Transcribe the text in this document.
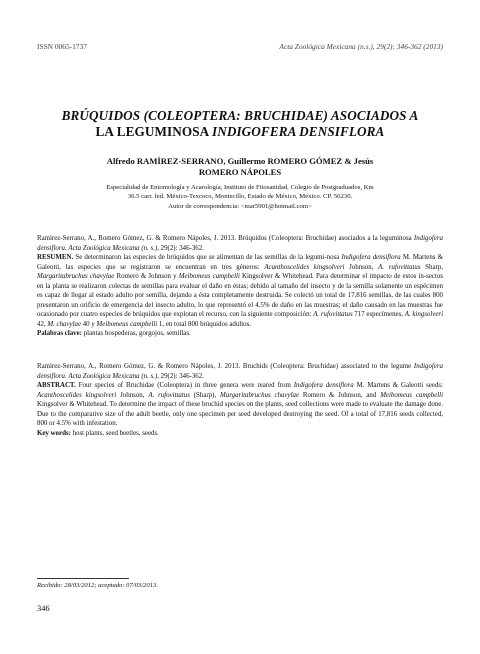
ISSN 0065-1737	Acta Zoológica Mexicana (n.s.), 29(2): 346-362 (2013)
BRÚQUIDOS (COLEOPTERA: BRUCHIDAE) ASOCIADOS A
LA LEGUMINOSA INDIGOFERA DENSIFLORA
Alfredo RAMÍREZ-SERRANO, Guillermo ROMERO GÓMEZ & Jesús
ROMERO NÁPOLES
Especialidad de Entomología y Acarología, Instituto de Fitosanidad, Colegio de Postgraduados, Km
36.5 carr. fed. México-Texcoco, Montecillo, Estado de México, México. CP. 56230.
Autor de correspondencia: <mar5901@hotmail.com>

Ramírez-Serrano, A., Romero Gómez, G. & Romero Nápoles, J. 2013. Brúquidos (Coleoptera: Bruchidae) asociados a la leguminosa Indigofera densiflora. Acta Zoológica Mexicana (n. s.), 29(2): 346-362.

RESUMEN. Se determinaron las especies de brúquidos que se alimentan de las semillas de la legumi-nosa Indigofera densiflora M. Martens & Galeotti, las especies que se registraron se encuentran en tres géneros: Acanthoscelides kingsolveri Johnson, A. rufovittatus Sharp, Margaritabruchus chavylae Romero & Johnson y Meibomeus campbelli Kingsolver & Whitehead. Para determinar el impacto de estos in-sectos en la planta se realizaron colectas de semillas para evaluar el daño en éstas; debido al tamaño del insecto y de la semilla solamente un espécimen es capaz de llegar al estado adulto por semilla, dejando a ésta completamente destruida. Se colectó un total de 17,816 semillas, de las cuales 800 presentaron un orificio de emergencia del insecto adulto, lo que representó el 4.5% de daño en las muestras; el daño causado en las muestras fue ocasionado por cuatro especies de brúquidos que explotan el recurso, con la siguiente composición: A. rufovittatus 717 especímenes, A. kingsolveri 42, M. chavylae 40 y Meibomeus campbelli 1, en total 800 brúquidos adultos.

Palabras clave: plantas hospederas, gorgojos, semillas.

Ramírez-Serrano, A., Romero Gómez, G. & Romero Nápoles, J. 2013. Bruchids (Coleoptera: Bruchidae) associated to the legume Indigofera densiflora. Acta Zoológica Mexicana (n. s.), 29(2): 346-362.

ABSTRACT. Four species of Bruchidae (Coleoptera) in three genera were reared from Indigofera densiflora M. Martens & Galeotti seeds: Acanthoscelides kingsolveri Johnson, A. rufovittatus (Sharp), Margaritabruchus chavylae Romero & Johnson, and Meibomeus campbelli Kingsolver & Whitehead. To determine the impact of these bruchid species on the plants, seed collections were made to evaluate the damage done. Due to the comparative size of the adult beetle, only one specimen per seed developed destroying the seed. Of a total of 17,816 seeds collected, 800 or 4.5% with infestation.

Key words: host plants, seed beetles, seeds.

Recibido: 28/03/2012; aceptado: 07/03/2013.
346
